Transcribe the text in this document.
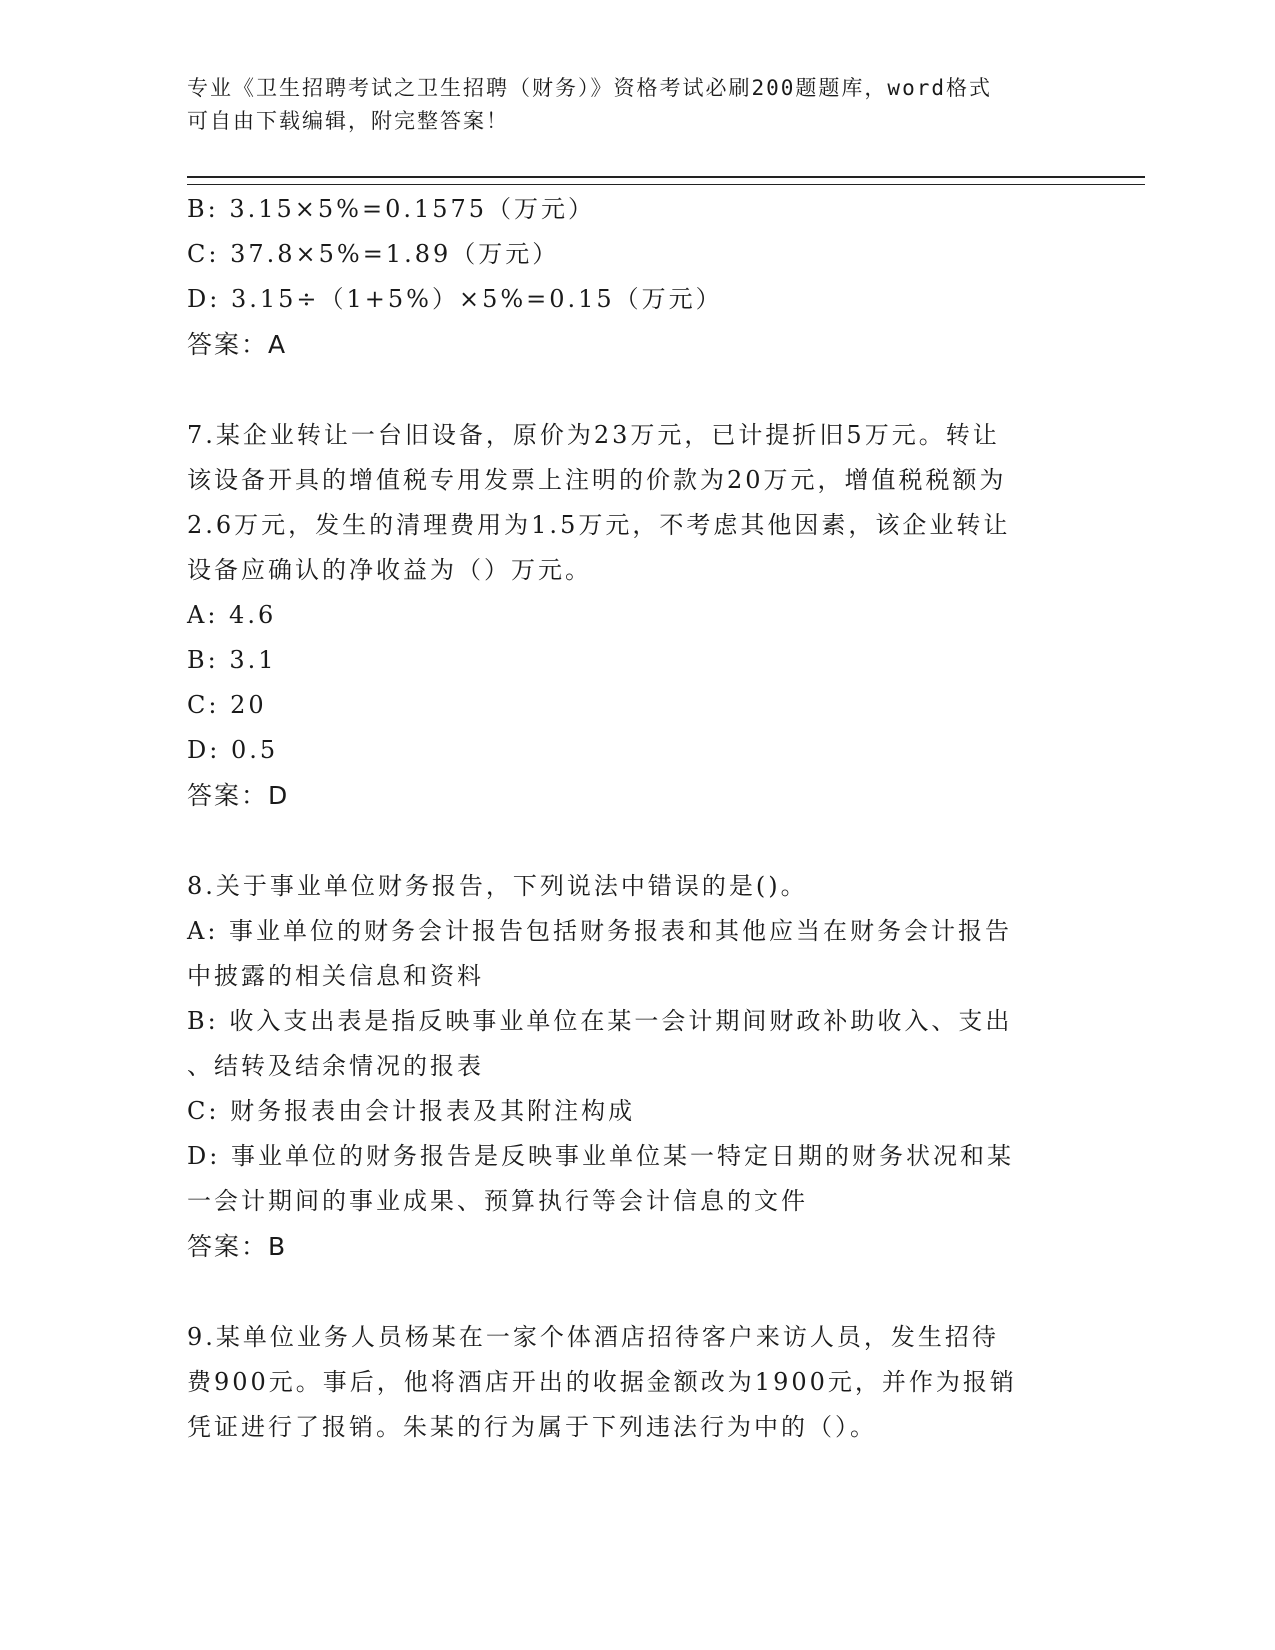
专业《卫生招聘考试之卫生招聘（财务）》资格考试必刷200题题库，word格式
可自由下载编辑，附完整答案！
B: 3.15×5%=0.1575（万元）
C: 37.8×5%=1.89（万元）
D: 3.15÷（1+5%）×5%=0.15（万元）
答案：A
7.某企业转让一台旧设备，原价为23万元，已计提折旧5万元。转让
该设备开具的增值税专用发票上注明的价款为20万元，增值税税额为
2.6万元，发生的清理费用为1.5万元，不考虑其他因素，该企业转让
设备应确认的净收益为（）万元。
A: 4.6
B: 3.1
C: 20
D: 0.5
答案：D
8.关于事业单位财务报告，下列说法中错误的是()。
A: 事业单位的财务会计报告包括财务报表和其他应当在财务会计报告
中披露的相关信息和资料
B: 收入支出表是指反映事业单位在某一会计期间财政补助收入、支出
、结转及结余情况的报表
C: 财务报表由会计报表及其附注构成
D: 事业单位的财务报告是反映事业单位某一特定日期的财务状况和某
一会计期间的事业成果、预算执行等会计信息的文件
答案：B
9.某单位业务人员杨某在一家个体酒店招待客户来访人员，发生招待
费900元。事后，他将酒店开出的收据金额改为1900元，并作为报销
凭证进行了报销。朱某的行为属于下列违法行为中的（）。
